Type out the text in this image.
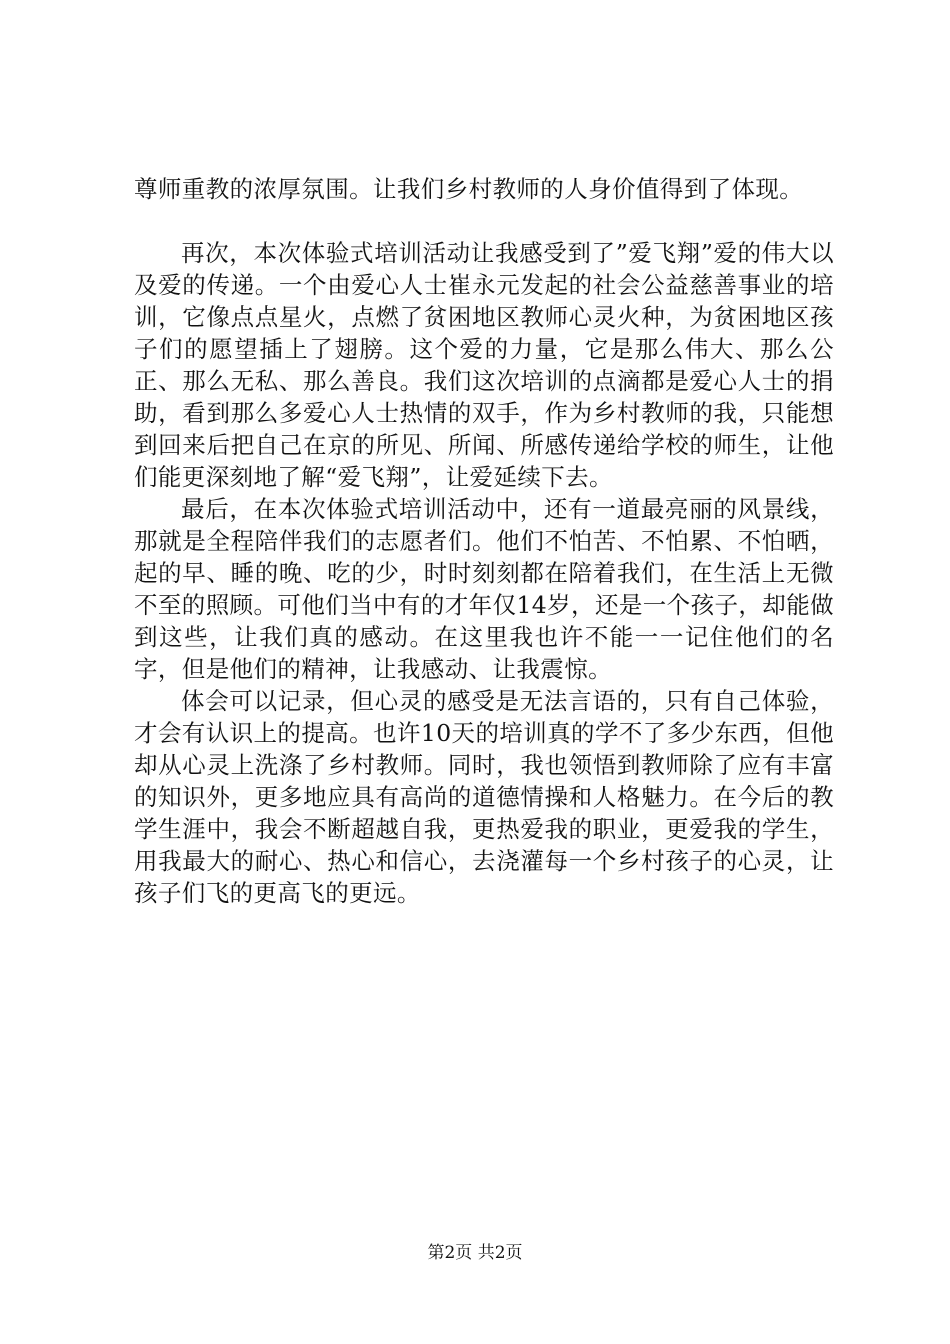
尊师重教的浓厚氛围。让我们乡村教师的人身价值得到了体现。

再次，本次体验式培训活动让我感受到了”爱飞翔”爱的伟大以及爱的传递。一个由爱心人士崔永元发起的社会公益慈善事业的培训，它像点点星火，点燃了贫困地区教师心灵火种，为贫困地区孩子们的愿望插上了翅膀。这个爱的力量，它是那么伟大、那么公正、那么无私、那么善良。我们这次培训的点滴都是爱心人士的捐助，看到那么多爱心人士热情的双手，作为乡村教师的我，只能想到回来后把自己在京的所见、所闻、所感传递给学校的师生，让他们能更深刻地了解“爱飞翔”，让爱延续下去。

最后，在本次体验式培训活动中，还有一道最亮丽的风景线，那就是全程陪伴我们的志愿者们。他们不怕苦、不怕累、不怕晒，起的早、睡的晚、吃的少，时时刻刻都在陪着我们，在生活上无微不至的照顾。可他们当中有的才年仅14岁，还是一个孩子，却能做到这些，让我们真的感动。在这里我也许不能一一记住他们的名字，但是他们的精神，让我感动、让我震惊。

体会可以记录，但心灵的感受是无法言语的，只有自己体验，才会有认识上的提高。也许10天的培训真的学不了多少东西，但他却从心灵上洗涤了乡村教师。同时，我也领悟到教师除了应有丰富的知识外，更多地应具有高尚的道德情操和人格魅力。在今后的教学生涯中，我会不断超越自我，更热爱我的职业，更爱我的学生，用我最大的耐心、热心和信心，去浇灌每一个乡村孩子的心灵，让孩子们飞的更高飞的更远。

第2页 共2页
